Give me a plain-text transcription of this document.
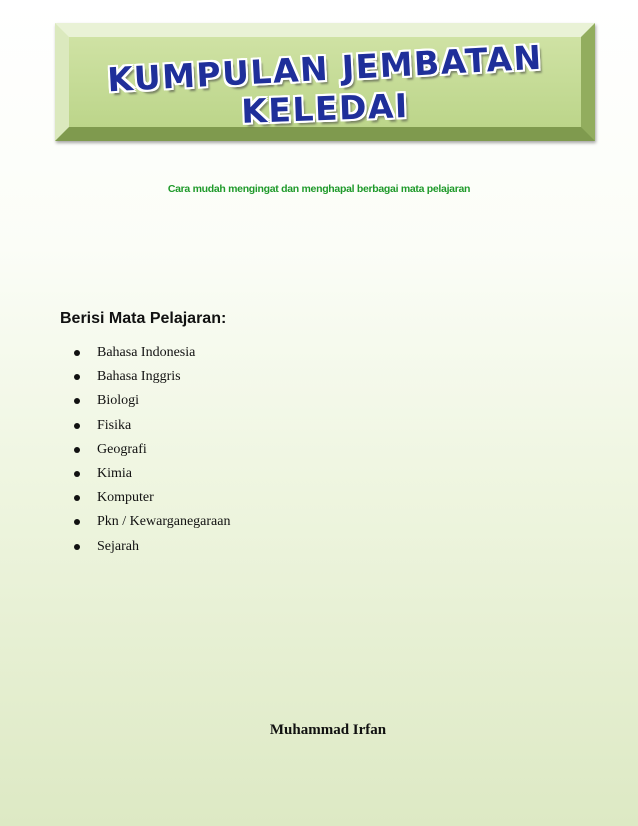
KUMPULAN JEMBATAN
KELEDAI
Cara mudah mengingat dan menghapal berbagai mata pelajaran
Berisi Mata Pelajaran:
Bahasa Indonesia
Bahasa Inggris
Biologi
Fisika
Geografi
Kimia
Komputer
Pkn / Kewarganegaraan
Sejarah
Muhammad Irfan
